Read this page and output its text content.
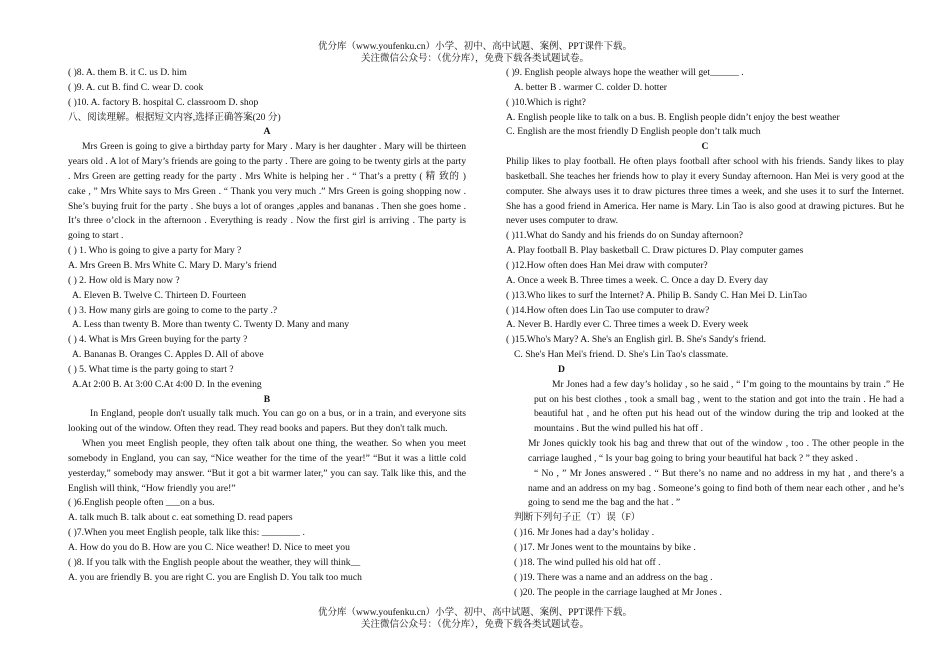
优分库（www.youfenku.cn）小学、初中、高中试题、案例、PPT课件下载。
关注微信公众号：（优分库），免费下载各类试题试卷。
( )8. A. them B. it C. us D. him
( )9. A. cut B. find C. wear D. cook
( )10. A. factory B. hospital C. classroom D. shop
八、阅读理解。根据短文内容,选择正确答案(20 分)
A
Mrs Green is going to give a birthday party for Mary . Mary is her daughter . Mary will be thirteen years old . A lot of Mary’s friends are going to the party . There are going to be twenty girls at the party . Mrs Green are getting ready for the party . Mrs White is helping her . “ That’s a pretty ( 精 致的 ) cake , ” Mrs White says to Mrs Green . “ Thank you very much .” Mrs Green is going shopping now . She’s buying fruit for the party . She buys a lot of oranges ,apples and bananas . Then she goes home . It’s three o’clock in the afternoon . Everything is ready . Now the first girl is arriving . The party is going to start .
( ) 1. Who is going to give a party for Mary ?
A. Mrs Green B. Mrs White C. Mary D. Mary’s friend
( ) 2. How old is Mary now ?
A. Eleven B. Twelve C. Thirteen D. Fourteen
( ) 3. How many girls are going to come to the party .?
A. Less than twenty B. More than twenty C. Twenty D. Many and many
( ) 4. What is Mrs Green buying for the party ?
A. Bananas B. Oranges C. Apples D. All of above
( ) 5. What time is the party going to start ?
A.At 2:00 B. At 3:00 C.At 4:00 D. In the evening
B
In England, people don't usually talk much. You can go on a bus, or in a train, and everyone sits looking out of the window. Often they read. They read books and papers. But they don't talk much.
When you meet English people, they often talk about one thing, the weather. So when you meet somebody in England, you can say, “Nice weather for the time of the year!” “But it was a little cold yesterday,” somebody may answer. “But it got a bit warmer later,” you can say. Talk like this, and the English will think, “How friendly you are!”
( )6.English people often ___on a bus.
A. talk much B. talk about c. eat something D. read papers
( )7.When you meet English people, talk like this: ________ .
A. How do you do B. How are you C. Nice weather! D. Nice to meet you
( )8. If you talk with the English people about the weather, they will think__
A. you are friendly B. you are right C. you are English D. You talk too much
( )9. English people always hope the weather will get______ .
A. better B . warmer C. colder D. hotter
( )10.Which is right?
A. English people like to talk on a bus. B. English people didn’t enjoy the best weather
C. English are the most friendly D English people don’t talk much
C
Philip likes to play football. He often plays football after school with his friends. Sandy likes to play basketball. She teaches her friends how to play it every Sunday afternoon. Han Mei is very good at the computer. She always uses it to draw pictures three times a week, and she uses it to surf the Internet. She has a good friend in America. Her name is Mary. Lin Tao is also good at drawing pictures. But he never uses computer to draw.
( )11.What do Sandy and his friends do on Sunday afternoon?
A. Play football B. Play basketball C. Draw pictures D. Play computer games
( )12.How often does Han Mei draw with computer?
A. Once a week B. Three times a week. C. Once a day D. Every day
( )13.Who likes to surf the Internet? A. Philip B. Sandy C. Han Mei D. LinTao
( )14.How often does Lin Tao use computer to draw?
A. Never B. Hardly ever C. Three times a week D. Every week
( )15.Who's Mary? A. She's an English girl. B. She's Sandy's friend.
C. She's Han Mei's friend. D. She's Lin Tao's classmate.
D
Mr Jones had a few day’s holiday , so he said , “ I’m going to the mountains by train .” He put on his best clothes , took a small bag , went to the station and got into the train . He had a beautiful hat , and he often put his head out of the window during the trip and looked at the mountains . But the wind pulled his hat off .
Mr Jones quickly took his bag and threw that out of the window , too . The other people in the carriage laughed , “ Is your bag going to bring your beautiful hat back ? ” they asked .
“ No , ” Mr Jones answered . “ But there’s no name and no address in my hat , and there’s a name and an address on my bag . Someone’s going to find both of them near each other , and he’s going to send me the bag and the hat . ”
判断下列句子正（T）误（F）
( )16. Mr Jones had a day’s holiday .
( )17. Mr Jones went to the mountains by bike .
( )18. The wind pulled his old hat off .
( )19. There was a name and an address on the bag .
( )20. The people in the carriage laughed at Mr Jones .
优分库（www.youfenku.cn）小学、初中、高中试题、案例、PPT课件下载。
关注微信公众号：（优分库），免费下载各类试题试卷。
